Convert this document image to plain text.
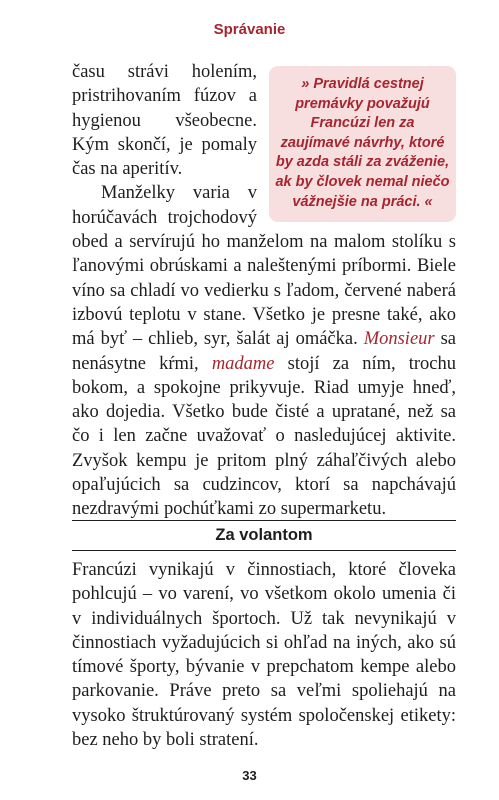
Správanie
» Pravidlá cestnej premávky považujú Francúzi len za zaujímavé návrhy, ktoré by azda stáli za zváženie, ak by človek nemal niečo vážnejšie na práci. «

času strávi holením, pristrihovaním fúzov a hygienou všeobecne. Kým skončí, je pomaly čas na aperitív.

Manželky varia v horúčavách trojchodový obed a servírujú ho manželom na malom stolíku s ľanovými obrúskami a naleštenými príbormi. Biele víno sa chladí vo vedierku s ľadom, červené naberá izbovú teplotu v stane. Všetko je presne také, ako má byť – chlieb, syr, šalát aj omáčka. Monsieur sa nenásytne kŕmi, madame stojí za ním, trochu bokom, a spokojne prikyvuje. Riad umyje hneď, ako dojedia. Všetko bude čisté a upratané, než sa čo i len začne uvažovať o nasledujúcej aktivite. Zvyšok kempu je pritom plný záhaľčivých alebo opaľujúcich sa cudzincov, ktorí sa napchávajú nezdravými pochúťkami zo supermarketu.

Za volantom
Francúzi vynikajú v činnostiach, ktoré človeka pohlcujú – vo varení, vo všetkom okolo umenia či v individuálnych športoch. Už tak nevynikajú v činnostiach vyžadujúcich si ohľad na iných, ako sú tímové športy, bývanie v prepchatom kempe alebo parkovanie. Práve preto sa veľmi spoliehajú na vysoko štruktúrovaný systém spoločenskej etikety: bez neho by boli stratení.
33
